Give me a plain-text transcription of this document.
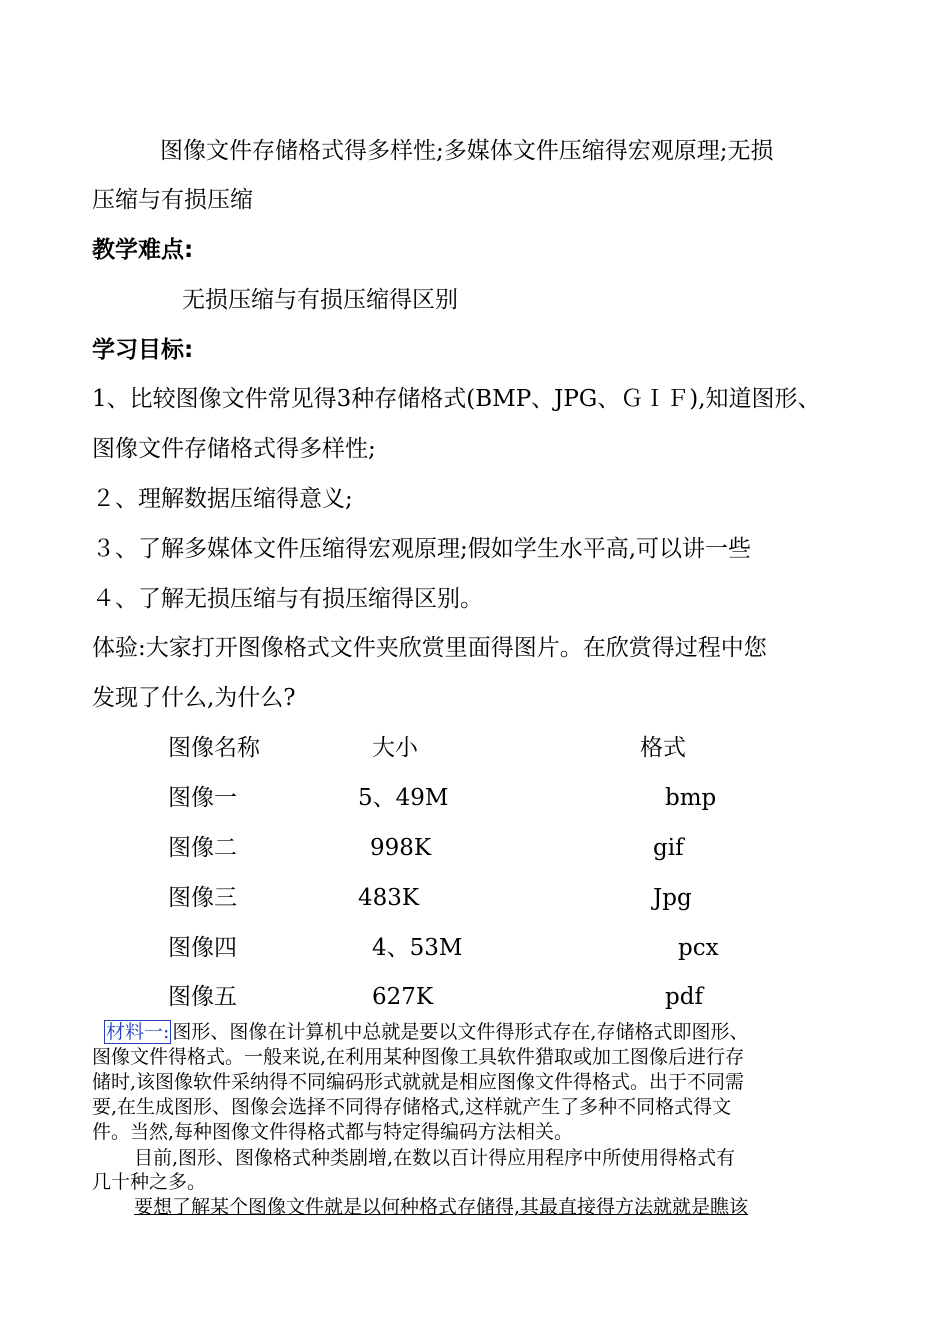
图像文件存储格式得多样性;多媒体文件压缩得宏观原理;无损
压缩与有损压缩
教学难点:
无损压缩与有损压缩得区别
学习目标:
1、比较图像文件常见得3种存储格式(BMP、JPG、ＧＩＦ),知道图形、
图像文件存储格式得多样性;
２、理解数据压缩得意义;
３、了解多媒体文件压缩得宏观原理;假如学生水平高,可以讲一些
４、了解无损压缩与有损压缩得区别。
体验:大家打开图像格式文件夹欣赏里面得图片。在欣赏得过程中您
发现了什么,为什么?
图像名称	大小	格式
图像一	5、49M	bmp
图像二	998K	gif
图像三	483K	Jpg
图像四	4、53M	pcx
图像五	627K	pdf
材料一: 图形、图像在计算机中总就是要以文件得形式存在,存储格式即图形、
图像文件得格式。一般来说,在利用某种图像工具软件猎取或加工图像后进行存
储时,该图像软件采纳得不同编码形式就就是相应图像文件得格式。出于不同需
要,在生成图形、图像会选择不同得存储格式,这样就产生了多种不同格式得文
件。当然,每种图像文件得格式都与特定得编码方法相关。
目前,图形、图像格式种类剧增,在数以百计得应用程序中所使用得格式有
几十种之多。
要想了解某个图像文件就是以何种格式存储得,其最直接得方法就就是瞧该
